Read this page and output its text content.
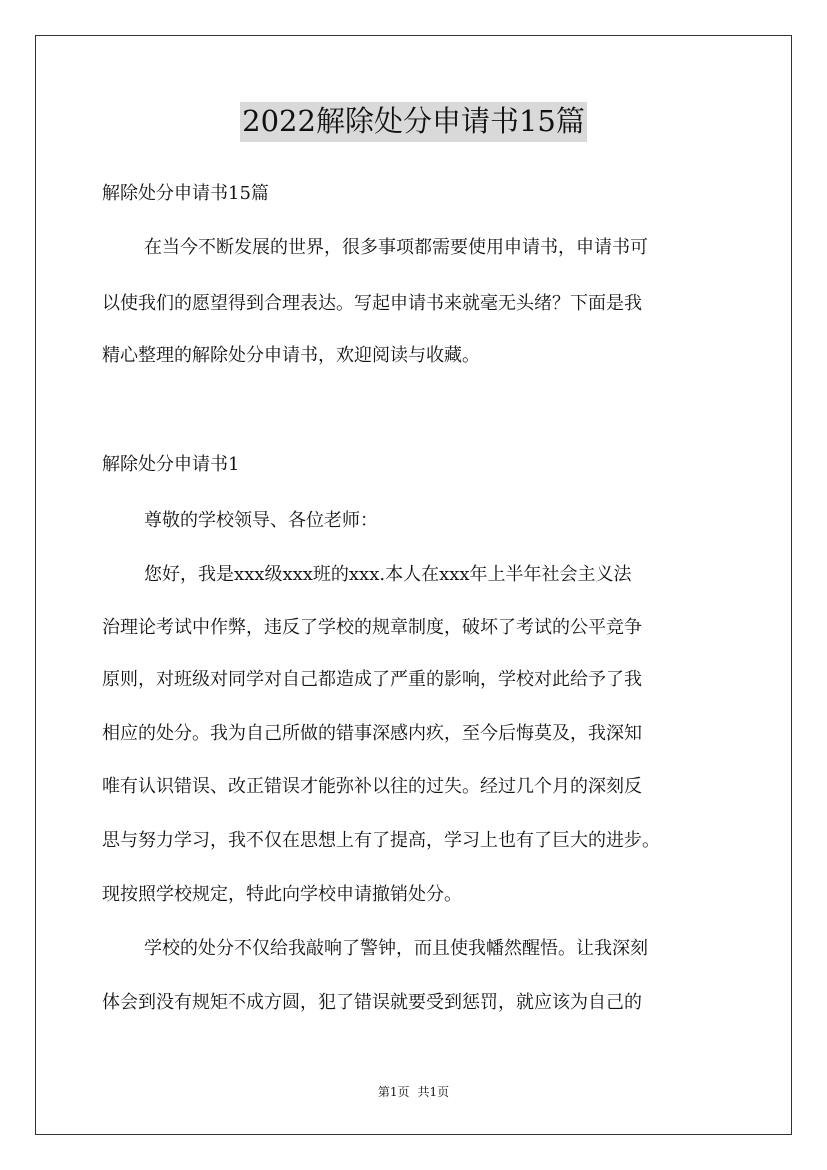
2022解除处分申请书15篇
解除处分申请书15篇
在当今不断发展的世界，很多事项都需要使用申请书，申请书可
以使我们的愿望得到合理表达。写起申请书来就毫无头绪？下面是我
精心整理的解除处分申请书，欢迎阅读与收藏。
解除处分申请书1
尊敬的学校领导、各位老师：
您好，我是xxx级xxx班的xxx.本人在xxx年上半年社会主义法
治理论考试中作弊，违反了学校的规章制度，破坏了考试的公平竞争
原则，对班级对同学对自己都造成了严重的影响，学校对此给予了我
相应的处分。我为自己所做的错事深感内疚，至今后悔莫及，我深知
唯有认识错误、改正错误才能弥补以往的过失。经过几个月的深刻反
思与努力学习，我不仅在思想上有了提高，学习上也有了巨大的进步。
现按照学校规定，特此向学校申请撤销处分。
学校的处分不仅给我敲响了警钟，而且使我幡然醒悟。让我深刻
体会到没有规矩不成方圆，犯了错误就要受到惩罚，就应该为自己的
第1页 共1页
